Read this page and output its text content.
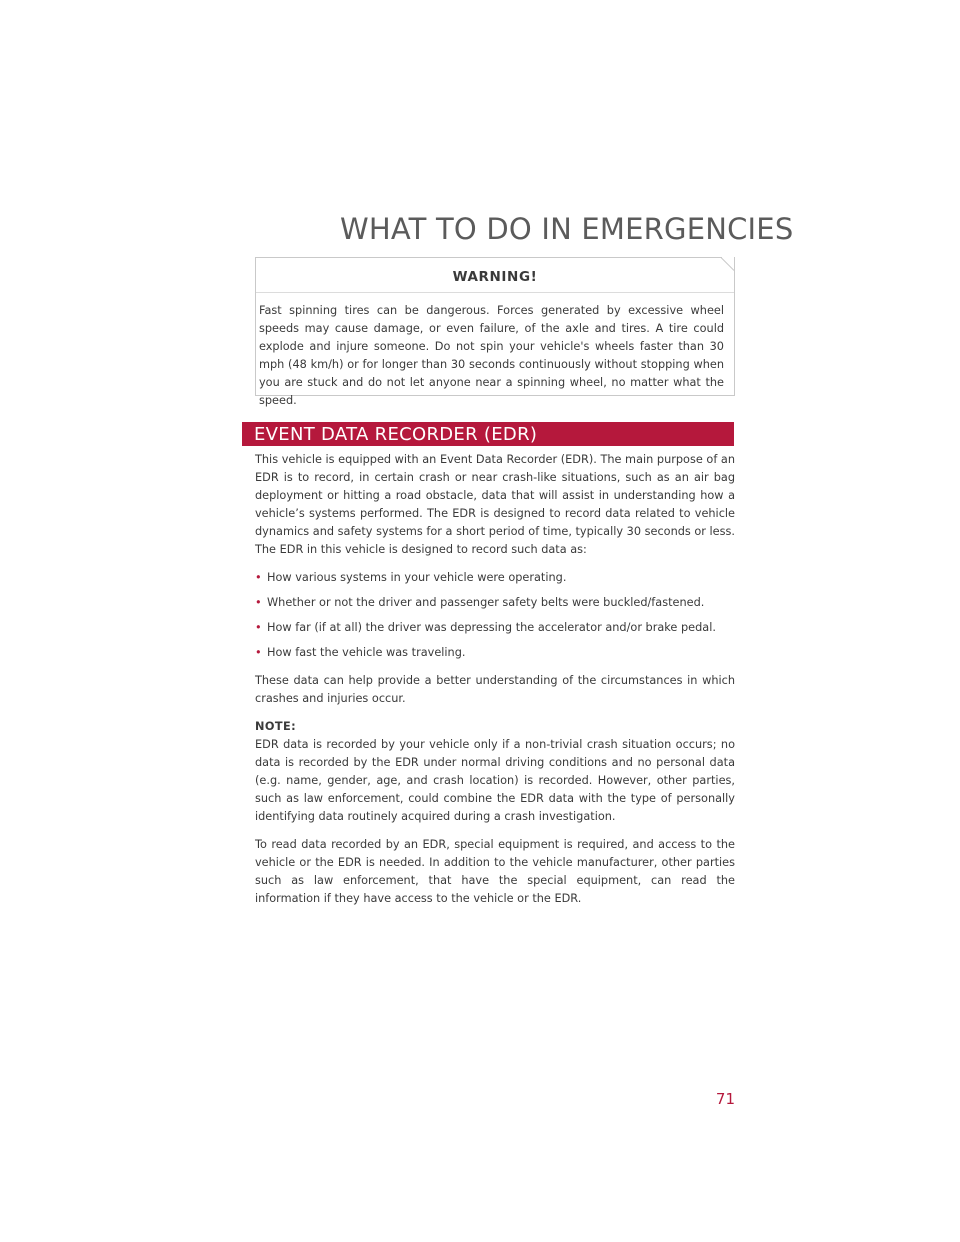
WHAT TO DO IN EMERGENCIES
WARNING!
Fast spinning tires can be dangerous. Forces generated by excessive wheel speeds may cause damage, or even failure, of the axle and tires. A tire could explode and injure someone. Do not spin your vehicle's wheels faster than 30 mph (48 km/h) or for longer than 30 seconds continuously without stopping when you are stuck and do not let anyone near a spinning wheel, no matter what the speed.
EVENT DATA RECORDER (EDR)

This vehicle is equipped with an Event Data Recorder (EDR). The main purpose of an EDR is to record, in certain crash or near crash-like situations, such as an air bag deployment or hitting a road obstacle, data that will assist in understanding how a vehicle’s systems performed. The EDR is designed to record data related to vehicle dynamics and safety systems for a short period of time, typically 30 seconds or less. The EDR in this vehicle is designed to record such data as:

• How various systems in your vehicle were operating.
• Whether or not the driver and passenger safety belts were buckled/fastened.
• How far (if at all) the driver was depressing the accelerator and/or brake pedal.
• How fast the vehicle was traveling.

These data can help provide a better understanding of the circumstances in which crashes and injuries occur.

NOTE:

EDR data is recorded by your vehicle only if a non-trivial crash situation occurs; no data is recorded by the EDR under normal driving conditions and no personal data (e.g. name, gender, age, and crash location) is recorded. However, other parties, such as law enforcement, could combine the EDR data with the type of personally identifying data routinely acquired during a crash investigation.

To read data recorded by an EDR, special equipment is required, and access to the vehicle or the EDR is needed. In addition to the vehicle manufacturer, other parties such as law enforcement, that have the special equipment, can read the information if they have access to the vehicle or the EDR.

71
